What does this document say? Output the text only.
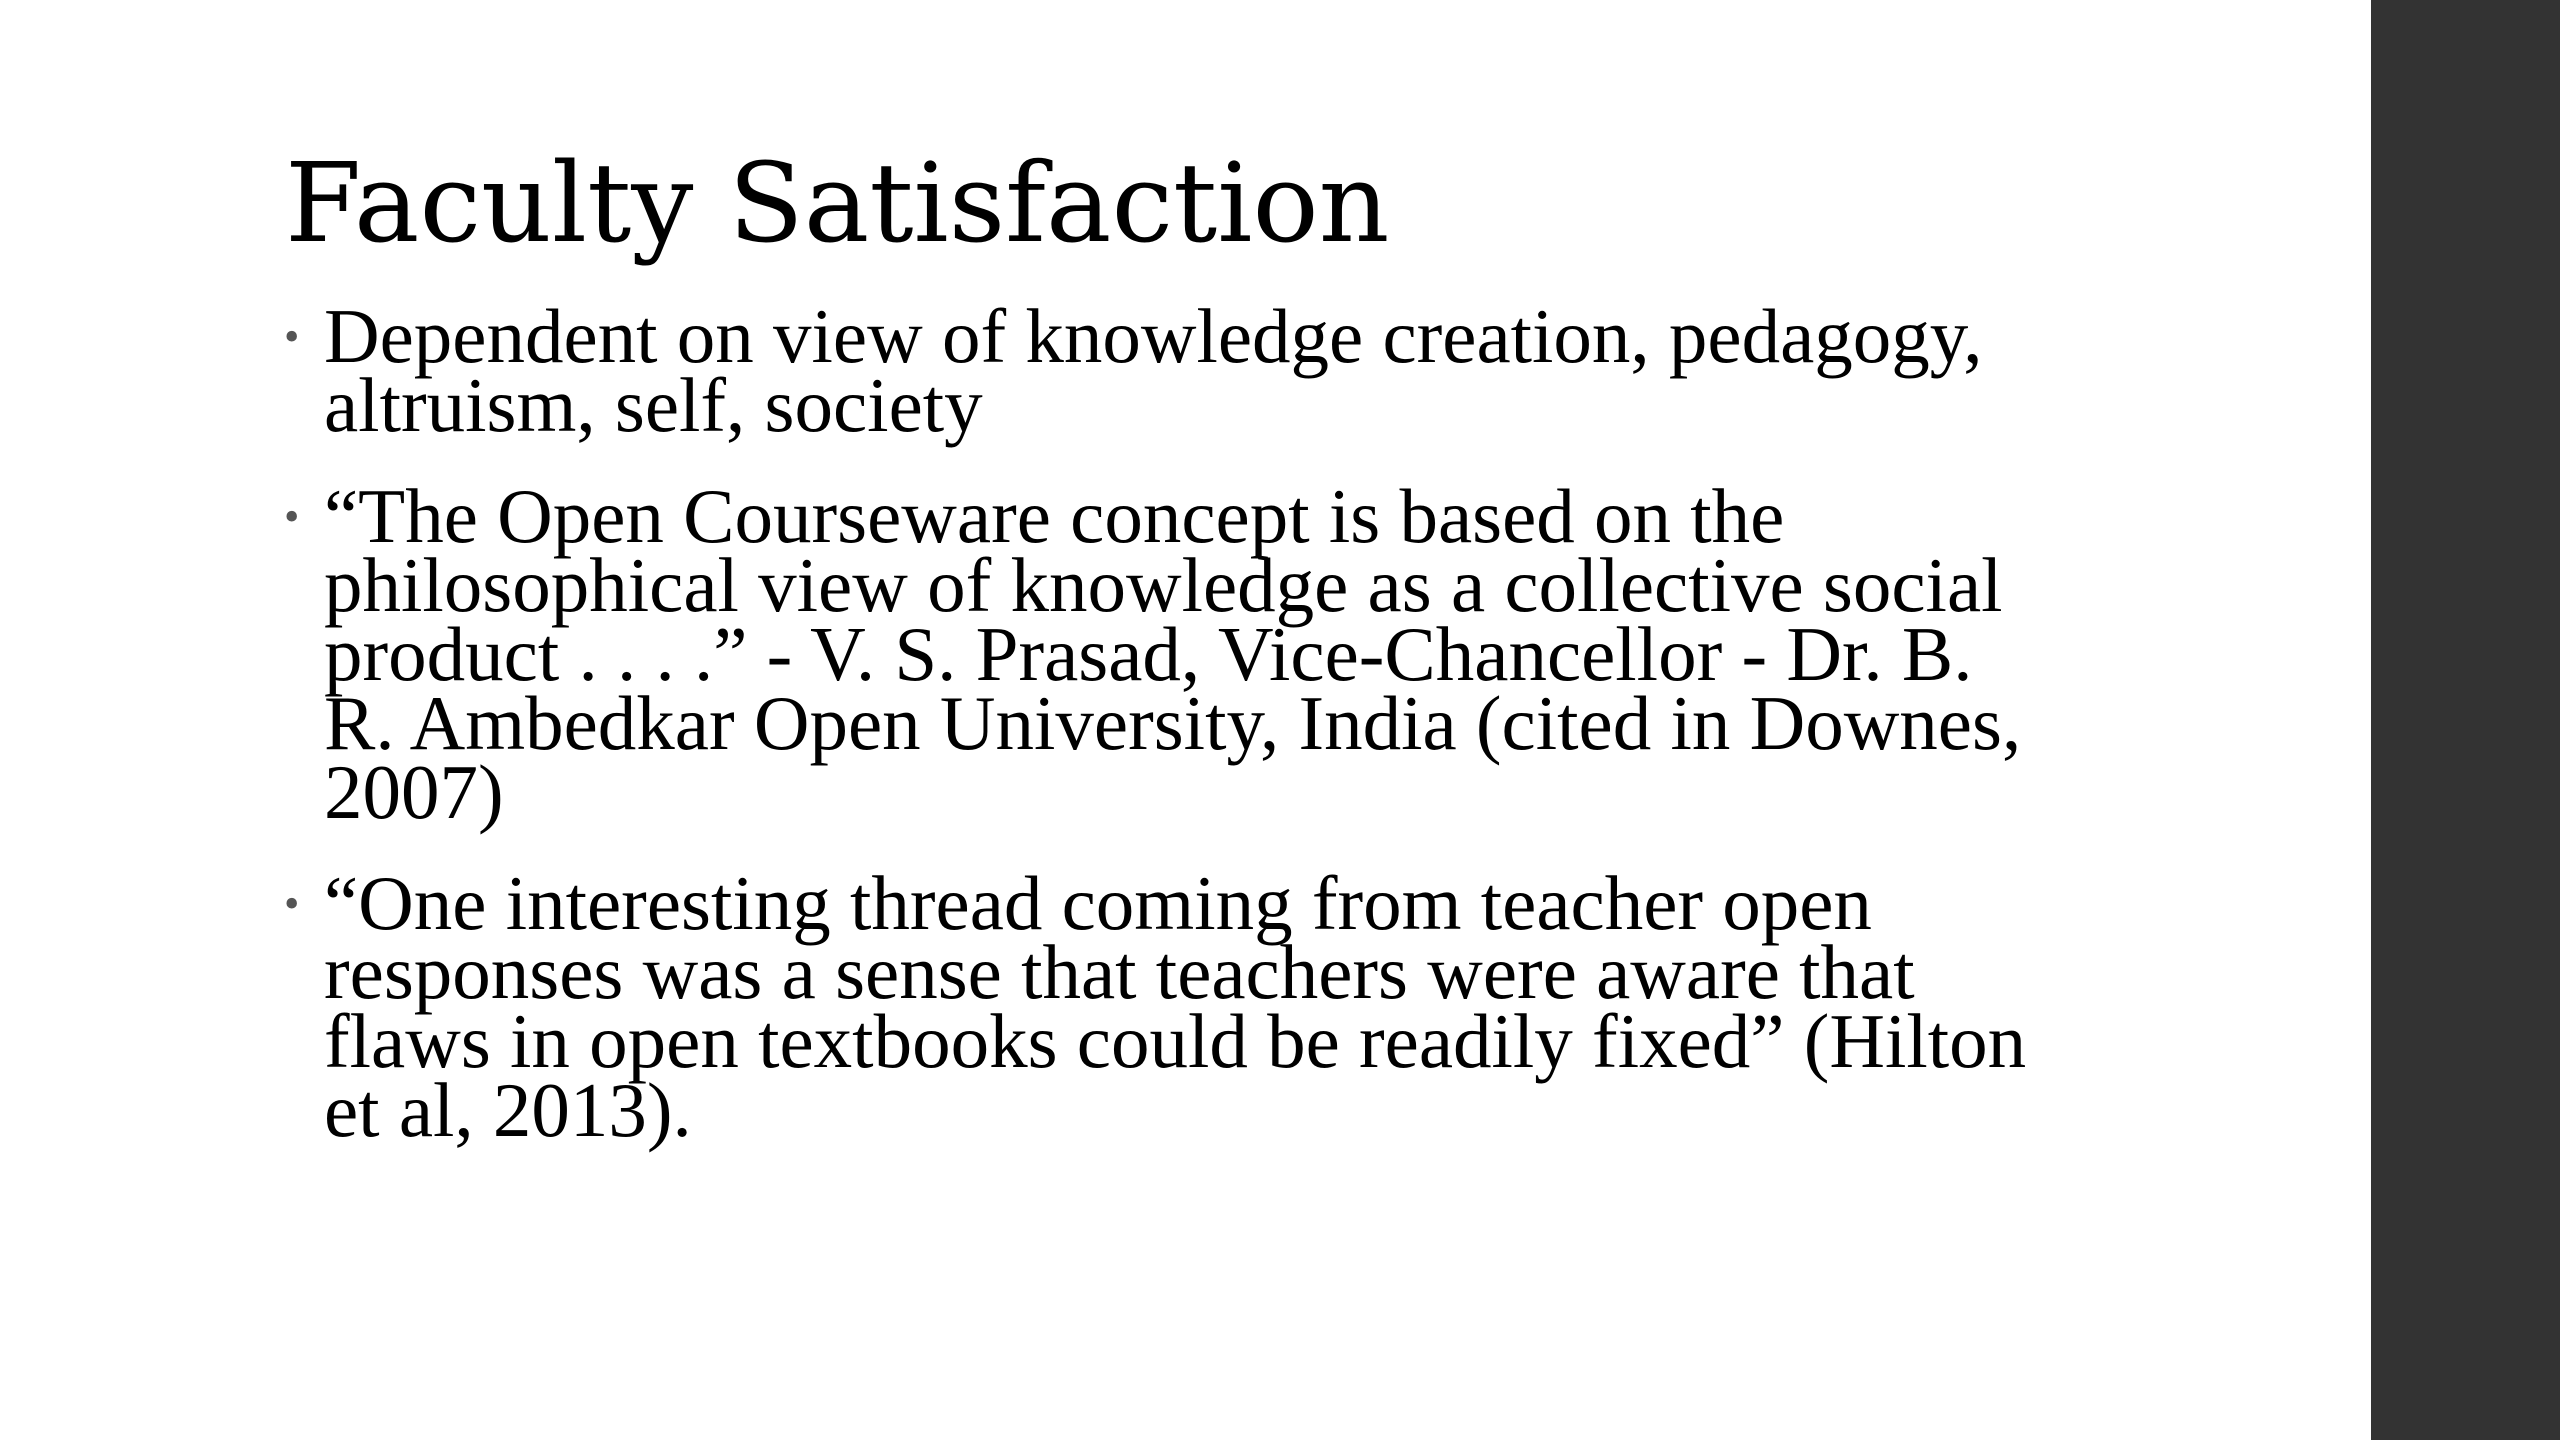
Faculty Satisfaction
• Dependent on view of knowledge creation, pedagogy, altruism, self, society
• “The Open Courseware concept is based on the philosophical view of knowledge as a collective social product . . . .” - V. S. Prasad, Vice-Chancellor - Dr. B. R. Ambedkar Open University, India (cited in Downes, 2007)
• “One interesting thread coming from teacher open responses was a sense that teachers were aware that flaws in open textbooks could be readily fixed” (Hilton et al, 2013).
